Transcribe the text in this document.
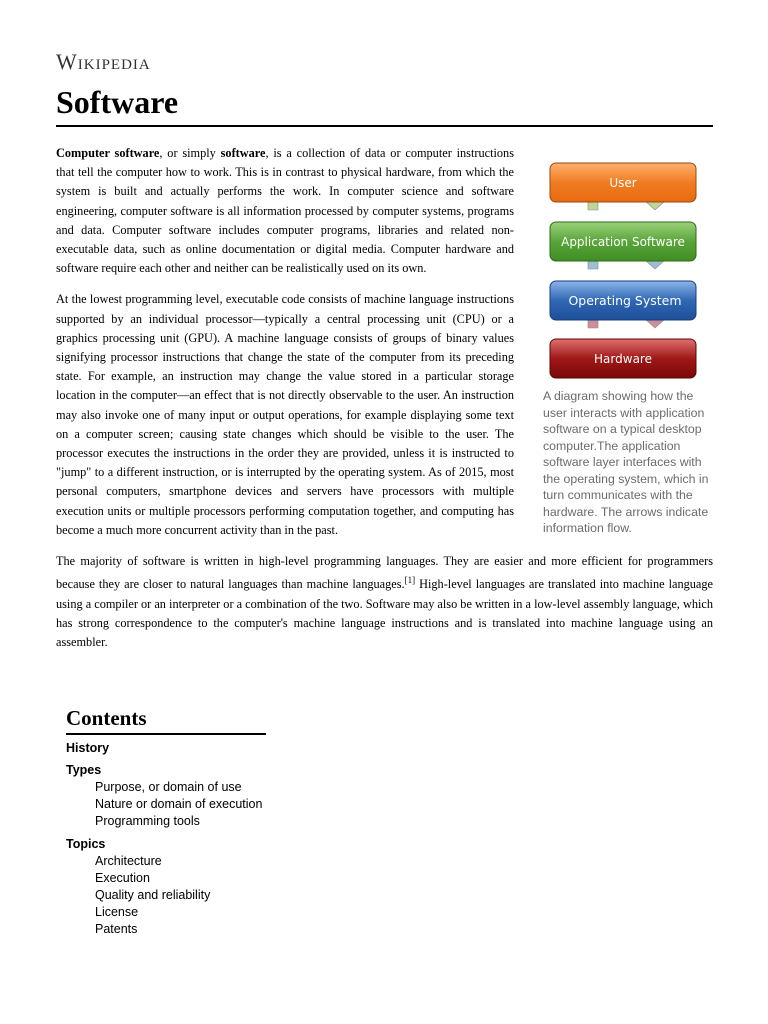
Wikipedia
Software
User
Application Software
Operating System
Hardware
A diagram showing how the user interacts with application software on a typical desktop computer.The application software layer interfaces with the operating system, which in turn communicates with the hardware. The arrows indicate information flow.

Computer software, or simply software, is a collection of data or computer instructions that tell the computer how to work. This is in contrast to physical hardware, from which the system is built and actually performs the work. In computer science and software engineering, computer software is all information processed by computer systems, programs and data. Computer software includes computer programs, libraries and related non-executable data, such as online documentation or digital media. Computer hardware and software require each other and neither can be realistically used on its own.

At the lowest programming level, executable code consists of machine language instructions supported by an individual processor—typically a central processing unit (CPU) or a graphics processing unit (GPU). A machine language consists of groups of binary values signifying processor instructions that change the state of the computer from its preceding state. For example, an instruction may change the value stored in a particular storage location in the computer—an effect that is not directly observable to the user. An instruction may also invoke one of many input or output operations, for example displaying some text on a computer screen; causing state changes which should be visible to the user. The processor executes the instructions in the order they are provided, unless it is instructed to "jump" to a different instruction, or is interrupted by the operating system. As of 2015, most personal computers, smartphone devices and servers have processors with multiple execution units or multiple processors performing computation together, and computing has become a much more concurrent activity than in the past.

The majority of software is written in high-level programming languages. They are easier and more efficient for programmers because they are closer to natural languages than machine languages.[1] High-level languages are translated into machine language using a compiler or an interpreter or a combination of the two. Software may also be written in a low-level assembly language, which has strong correspondence to the computer's machine language instructions and is translated into machine language using an assembler.

Contents
History
Types
Purpose, or domain of use
Nature or domain of execution
Programming tools
Topics
Architecture
Execution
Quality and reliability
License
Patents
